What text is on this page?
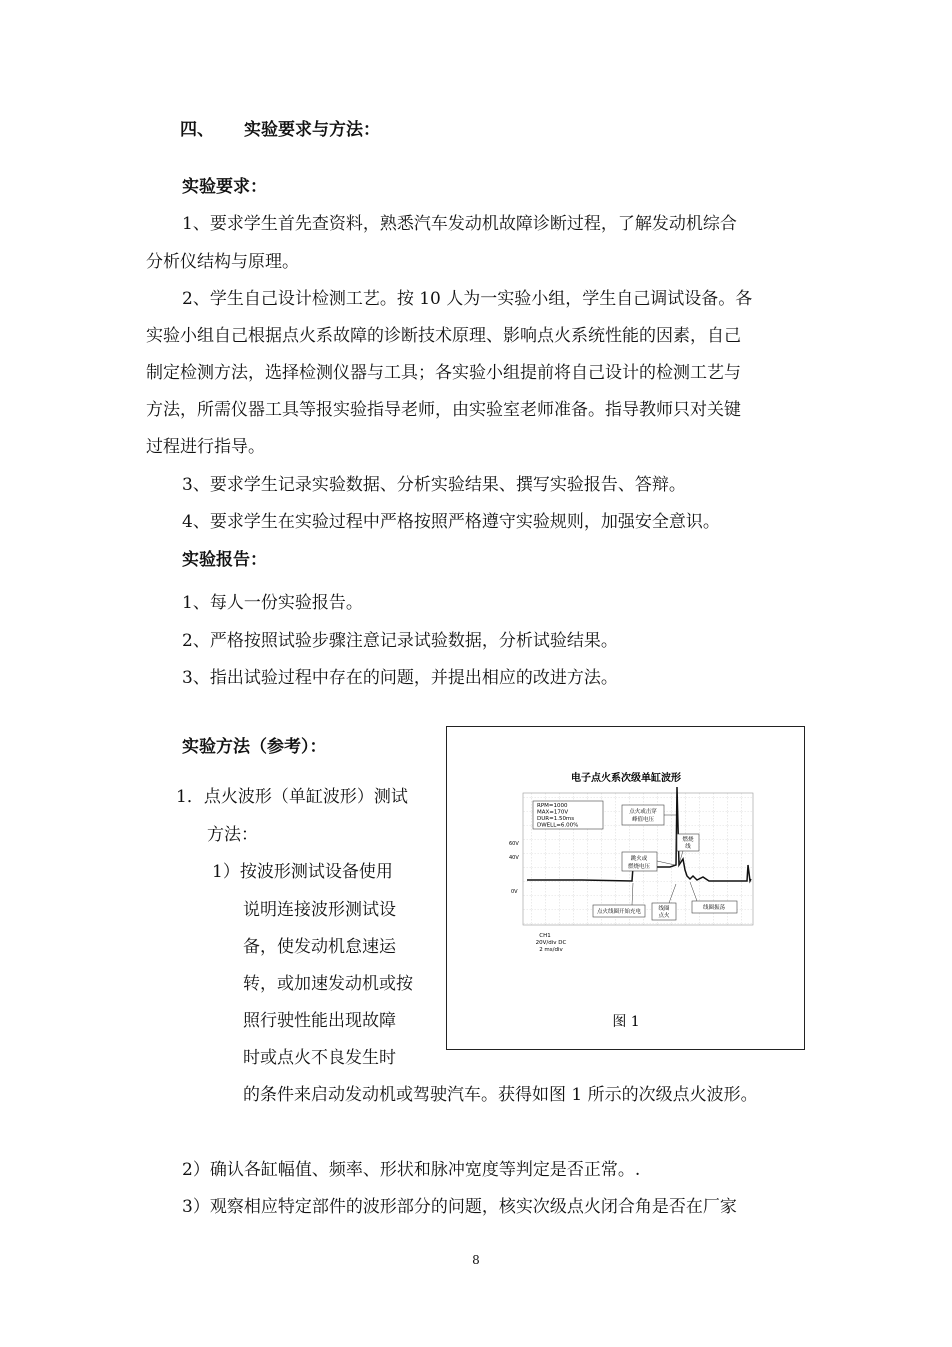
四、 实验要求与方法：
实验要求：
1、要求学生首先查资料，熟悉汽车发动机故障诊断过程，了解发动机综合
分析仪结构与原理。
2、学生自己设计检测工艺。按 10 人为一实验小组，学生自己调试设备。各
实验小组自己根据点火系故障的诊断技术原理、影响点火系统性能的因素，自己
制定检测方法，选择检测仪器与工具；各实验小组提前将自己设计的检测工艺与
方法，所需仪器工具等报实验指导老师，由实验室老师准备。指导教师只对关键
过程进行指导。
3、要求学生记录实验数据、分析实验结果、撰写实验报告、答辩。
4、要求学生在实验过程中严格按照严格遵守实验规则，加强安全意识。
实验报告：
1、每人一份实验报告。
2、严格按照试验步骤注意记录试验数据，分析试验结果。
3、指出试验过程中存在的问题，并提出相应的改进方法。
实验方法（参考）：
1．点火波形（单缸波形）测试
方法：
1）按波形测试设备使用
说明连接波形测试设
备，使发动机怠速运
转，或加速发动机或按
照行驶性能出现故障
时或点火不良发生时
的条件来启动发动机或驾驶汽车。获得如图 1 所示的次级点火波形。
2）确认各缸幅值、频率、形状和脉冲宽度等判定是否正常。.
3）观察相应特定部件的波形部分的问题，核实次级点火闭合角是否在厂家
电子点火系次级单缸波形
60V
40V
0V
RPM=1000
MAX=170V
DUR=1.50ms
DWELL=6.00%
点火或击穿
峰值电压
燃烧
线
跳火或
燃烧电压
点火线圈开始充电	线圈
点火
线圈振荡
CH1
20V/div DC
2 ms/div
图 1
8
